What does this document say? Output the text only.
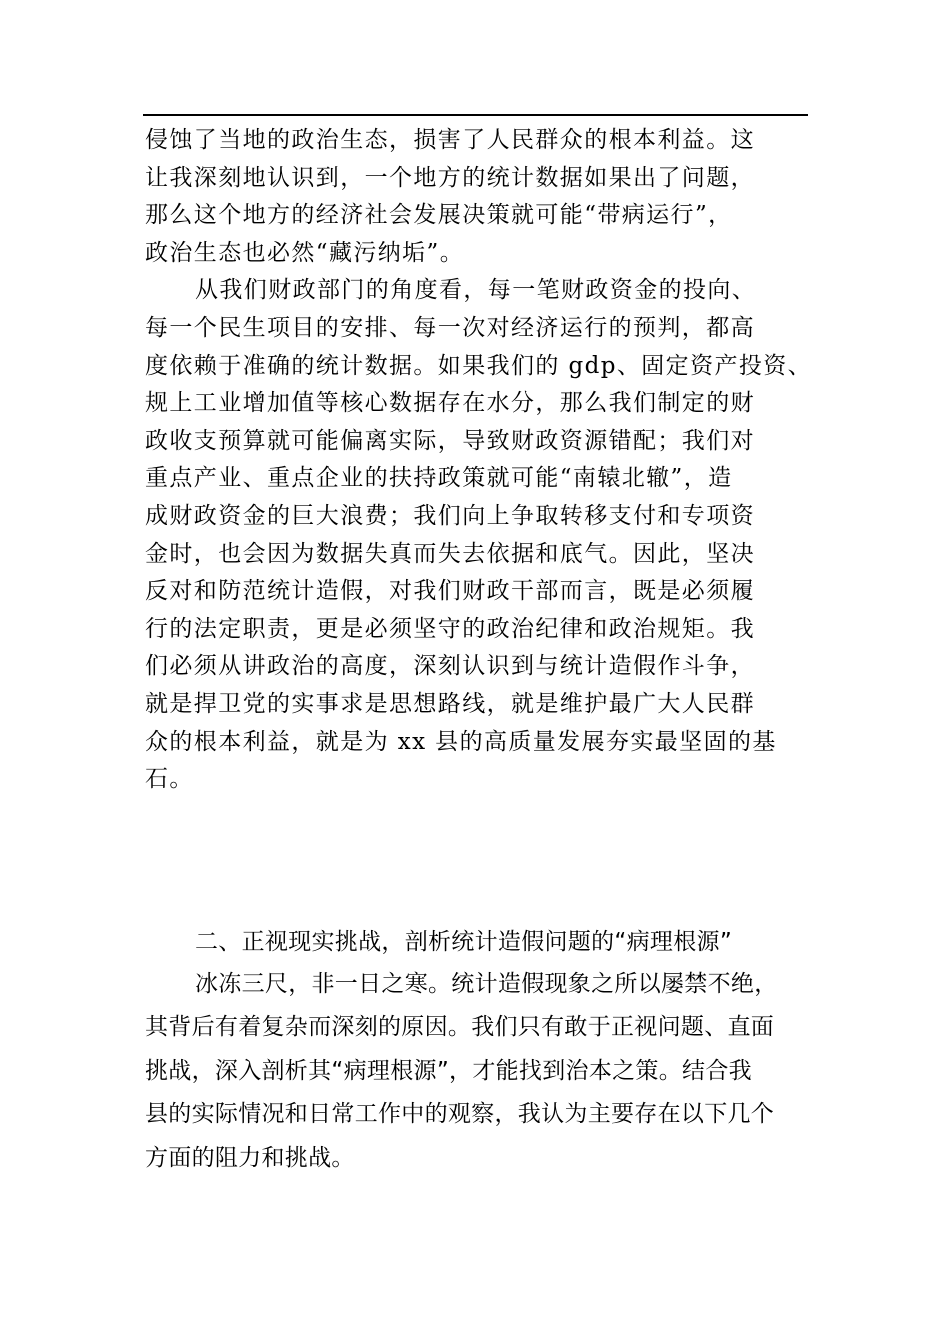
侵蚀了当地的政治生态，损害了人民群众的根本利益。这
让我深刻地认识到，一个地方的统计数据如果出了问题，
那么这个地方的经济社会发展决策就可能“带病运行”，
政治生态也必然“藏污纳垢”。

从我们财政部门的角度看，每一笔财政资金的投向、
每一个民生项目的安排、每一次对经济运行的预判，都高
度依赖于准确的统计数据。如果我们的 gdp、固定资产投资、
规上工业增加值等核心数据存在水分，那么我们制定的财
政收支预算就可能偏离实际，导致财政资源错配；我们对
重点产业、重点企业的扶持政策就可能“南辕北辙”，造
成财政资金的巨大浪费；我们向上争取转移支付和专项资
金时，也会因为数据失真而失去依据和底气。因此，坚决
反对和防范统计造假，对我们财政干部而言，既是必须履
行的法定职责，更是必须坚守的政治纪律和政治规矩。我
们必须从讲政治的高度，深刻认识到与统计造假作斗争，
就是捍卫党的实事求是思想路线，就是维护最广大人民群
众的根本利益，就是为 xx 县的高质量发展夯实最坚固的基
石。

二、正视现实挑战，剖析统计造假问题的“病理根源”

冰冻三尺，非一日之寒。统计造假现象之所以屡禁不绝，
其背后有着复杂而深刻的原因。我们只有敢于正视问题、直面
挑战，深入剖析其“病理根源”，才能找到治本之策。结合我
县的实际情况和日常工作中的观察，我认为主要存在以下几个
方面的阻力和挑战。
